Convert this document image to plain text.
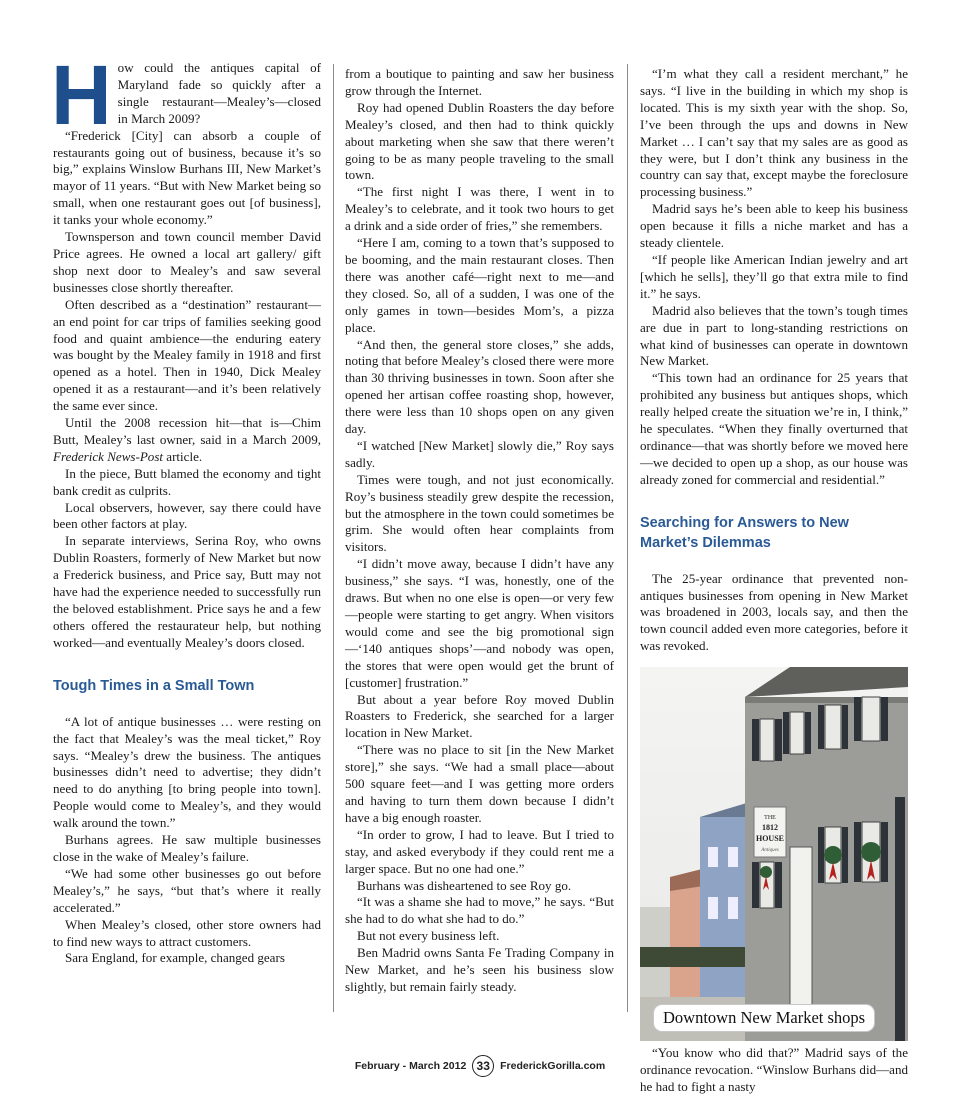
How could the antiques capital of Maryland fade so quickly after a single restaurant—Mealey’s—closed in March 2009?

“Frederick [City] can absorb a couple of restaurants going out of business, because it’s so big,” explains Winslow Burhans III, New Market’s mayor of 11 years. “But with New Market being so small, when one restaurant goes out [of business], it tanks your whole economy.”

Townsperson and town council member David Price agrees. He owned a local art gallery/ gift shop next door to Mealey’s and saw several businesses close shortly thereafter.

Often described as a “destination” restaurant—an end point for car trips of families seeking good food and quaint ambience—the enduring eatery was bought by the Mealey family in 1918 and first opened as a hotel. Then in 1940, Dick Mealey opened it as a restaurant—and it’s been relatively the same ever since.

Until the 2008 recession hit—that is—Chim Butt, Mealey’s last owner, said in a March 2009, Frederick News-Post article.

In the piece, Butt blamed the economy and tight bank credit as culprits.

Local observers, however, say there could have been other factors at play.

In separate interviews, Serina Roy, who owns Dublin Roasters, formerly of New Market but now a Frederick business, and Price say, Butt may not have had the experience needed to successfully run the beloved establishment. Price says he and a few others offered the restaurateur help, but nothing worked—and eventually Mealey’s doors closed.

Tough Times in a Small Town

“A lot of antique businesses … were resting on the fact that Mealey’s was the meal ticket,” Roy says. “Mealey’s drew the business. The antiques businesses didn’t need to advertise; they didn’t need to do anything [to bring people into town]. People would come to Mealey’s, and they would walk around the town.”

Burhans agrees. He saw multiple businesses close in the wake of Mealey’s failure.

“We had some other businesses go out before Mealey’s,” he says, “but that’s where it really accelerated.”

When Mealey’s closed, other store owners had to find new ways to attract customers.

Sara England, for example, changed gears

from a boutique to painting and saw her business grow through the Internet.

Roy had opened Dublin Roasters the day before Mealey’s closed, and then had to think quickly about marketing when she saw that there weren’t going to be as many people traveling to the small town.

“The first night I was there, I went in to Mealey’s to celebrate, and it took two hours to get a drink and a side order of fries,” she remembers.

“Here I am, coming to a town that’s supposed to be booming, and the main restaurant closes. Then there was another café—right next to me—and they closed. So, all of a sudden, I was one of the only games in town—besides Mom’s, a pizza place.

“And then, the general store closes,” she adds, noting that before Mealey’s closed there were more than 30 thriving businesses in town. Soon after she opened her artisan coffee roasting shop, however, there were less than 10 shops open on any given day.

“I watched [New Market] slowly die,” Roy says sadly.

Times were tough, and not just economically. Roy’s business steadily grew despite the recession, but the atmosphere in the town could sometimes be grim. She would often hear complaints from visitors.

“I didn’t move away, because I didn’t have any business,” she says. “I was, honestly, one of the draws. But when no one else is open—or very few—people were starting to get angry. When visitors would come and see the big promotional sign—‘140 antiques shops’—and nobody was open, the stores that were open would get the brunt of [customer] frustration.”

But about a year before Roy moved Dublin Roasters to Frederick, she searched for a larger location in New Market.

“There was no place to sit [in the New Market store],” she says. “We had a small place—about 500 square feet—and I was getting more orders and having to turn them down because I didn’t have a big enough roaster.

“In order to grow, I had to leave. But I tried to stay, and asked everybody if they could rent me a larger space. But no one had one.”

Burhans was disheartened to see Roy go.

“It was a shame she had to move,” he says. “But she had to do what she had to do.”

But not every business left.

Ben Madrid owns Santa Fe Trading Company in New Market, and he’s seen his business slow slightly, but remain fairly steady.

“I’m what they call a resident merchant,” he says. “I live in the building in which my shop is located. This is my sixth year with the shop. So, I’ve been through the ups and downs in New Market … I can’t say that my sales are as good as they were, but I don’t think any business in the country can say that, except maybe the foreclosure processing business.”

Madrid says he’s been able to keep his business open because it fills a niche market and has a steady clientele.

“If people like American Indian jewelry and art [which he sells], they’ll go that extra mile to find it.” he says.

Madrid also believes that the town’s tough times are due in part to long-standing restrictions on what kind of businesses can operate in downtown New Market.

“This town had an ordinance for 25 years that prohibited any business but antiques shops, which really helped create the situation we’re in, I think,” he speculates. “When they finally overturned that ordinance—that was shortly before we moved here—we decided to open up a shop, as our house was already zoned for commercial and residential.”

Searching for Answers to New Market’s Dilemmas

The 25-year ordinance that prevented non-antiques businesses from opening in New Market was broadened in 2003, locals say, and then the town council added even more categories, before it was revoked.

“You know who did that?” Madrid says of the ordinance revocation. “Winslow Burhans did—and he had to fight a nasty

THE
1812
HOUSE
Antiques
Downtown New Market shops
February - March 2012 33 FrederickGorilla.com
